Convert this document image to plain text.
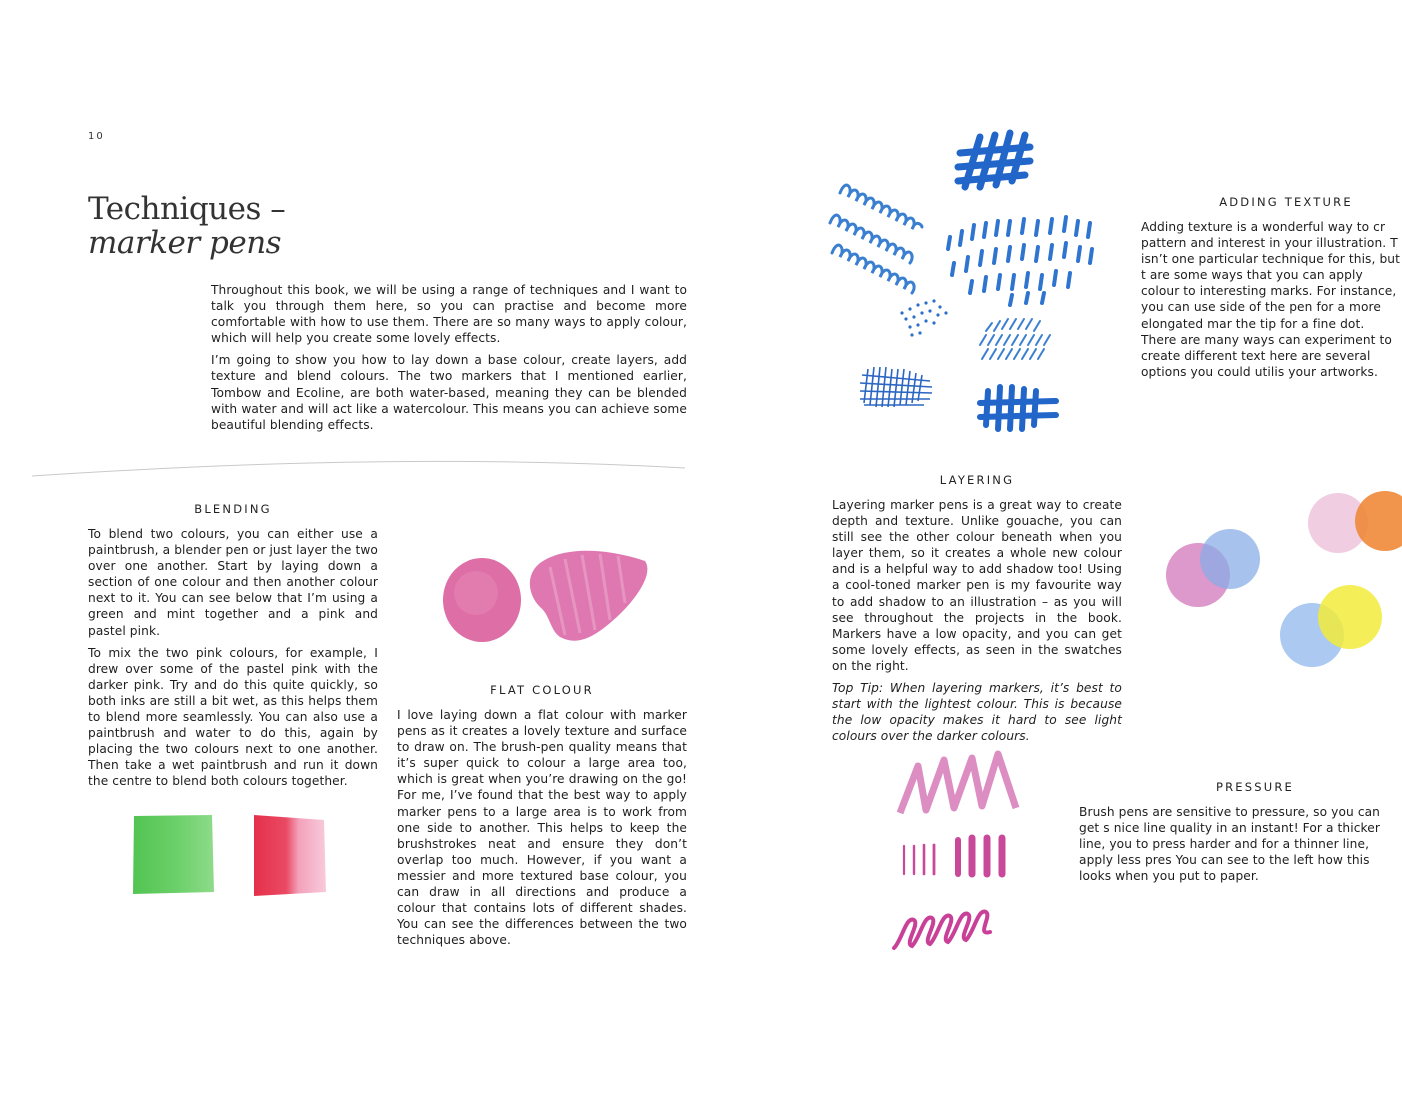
10
Techniques –
marker pens

Throughout this book, we will be using a range of techniques and I want to talk you through them here, so you can practise and become more comfortable with how to use them. There are so many ways to apply colour, which will help you create some lovely effects.

I’m going to show you how to lay down a base colour, create layers, add texture and blend colours. The two markers that I mentioned earlier, Tombow and Ecoline, are both water-based, meaning they can be blended with water and will act like a watercolour. This means you can achieve some beautiful blending effects.

BLENDING

To blend two colours, you can either use a paintbrush, a blender pen or just layer the two over one another. Start by laying down a section of one colour and then another colour next to it. You can see below that I’m using a green and mint together and a pink and pastel pink.

To mix the two pink colours, for example, I drew over some of the pastel pink with the darker pink. Try and do this quite quickly, so both inks are still a bit wet, as this helps them to blend more seamlessly. You can also use a paintbrush and water to do this, again by placing the two colours next to one another. Then take a wet paintbrush and run it down the centre to blend both colours together.

FLAT COLOUR

I love laying down a flat colour with marker pens as it creates a lovely texture and surface to draw on. The brush-pen quality means that it’s super quick to colour a large area too, which is great when you’re drawing on the go! For me, I’ve found that the best way to apply marker pens to a large area is to work from one side to another. This helps to keep the brushstrokes neat and ensure they don’t overlap too much. However, if you want a messier and more textured base colour, you can draw in all directions and produce a colour that contains lots of different shades. You can see the differences between the two techniques above.

ADDING TEXTURE

Adding texture is a wonderful way to cr pattern and interest in your illustration. T isn’t one particular technique for this, but t are some ways that you can apply colour to interesting marks. For instance, you can use side of the pen for a more elongated mar the tip for a fine dot. There are many ways can experiment to create different text here are several options you could utilis your artworks.

LAYERING

Layering marker pens is a great way to create depth and texture. Unlike gouache, you can still see the other colour beneath when you layer them, so it creates a whole new colour and is a helpful way to add shadow too! Using a cool-toned marker pen is my favourite way to add shadow to an illustration – as you will see throughout the projects in the book. Markers have a low opacity, and you can get some lovely effects, as seen in the swatches on the right.

Top Tip: When layering markers, it’s best to start with the lightest colour. This is because the low opacity makes it hard to see light colours over the darker colours.

PRESSURE

Brush pens are sensitive to pressure, so you can get s nice line quality in an instant! For a thicker line, you to press harder and for a thinner line, apply less pres You can see to the left how this looks when you put to paper.
